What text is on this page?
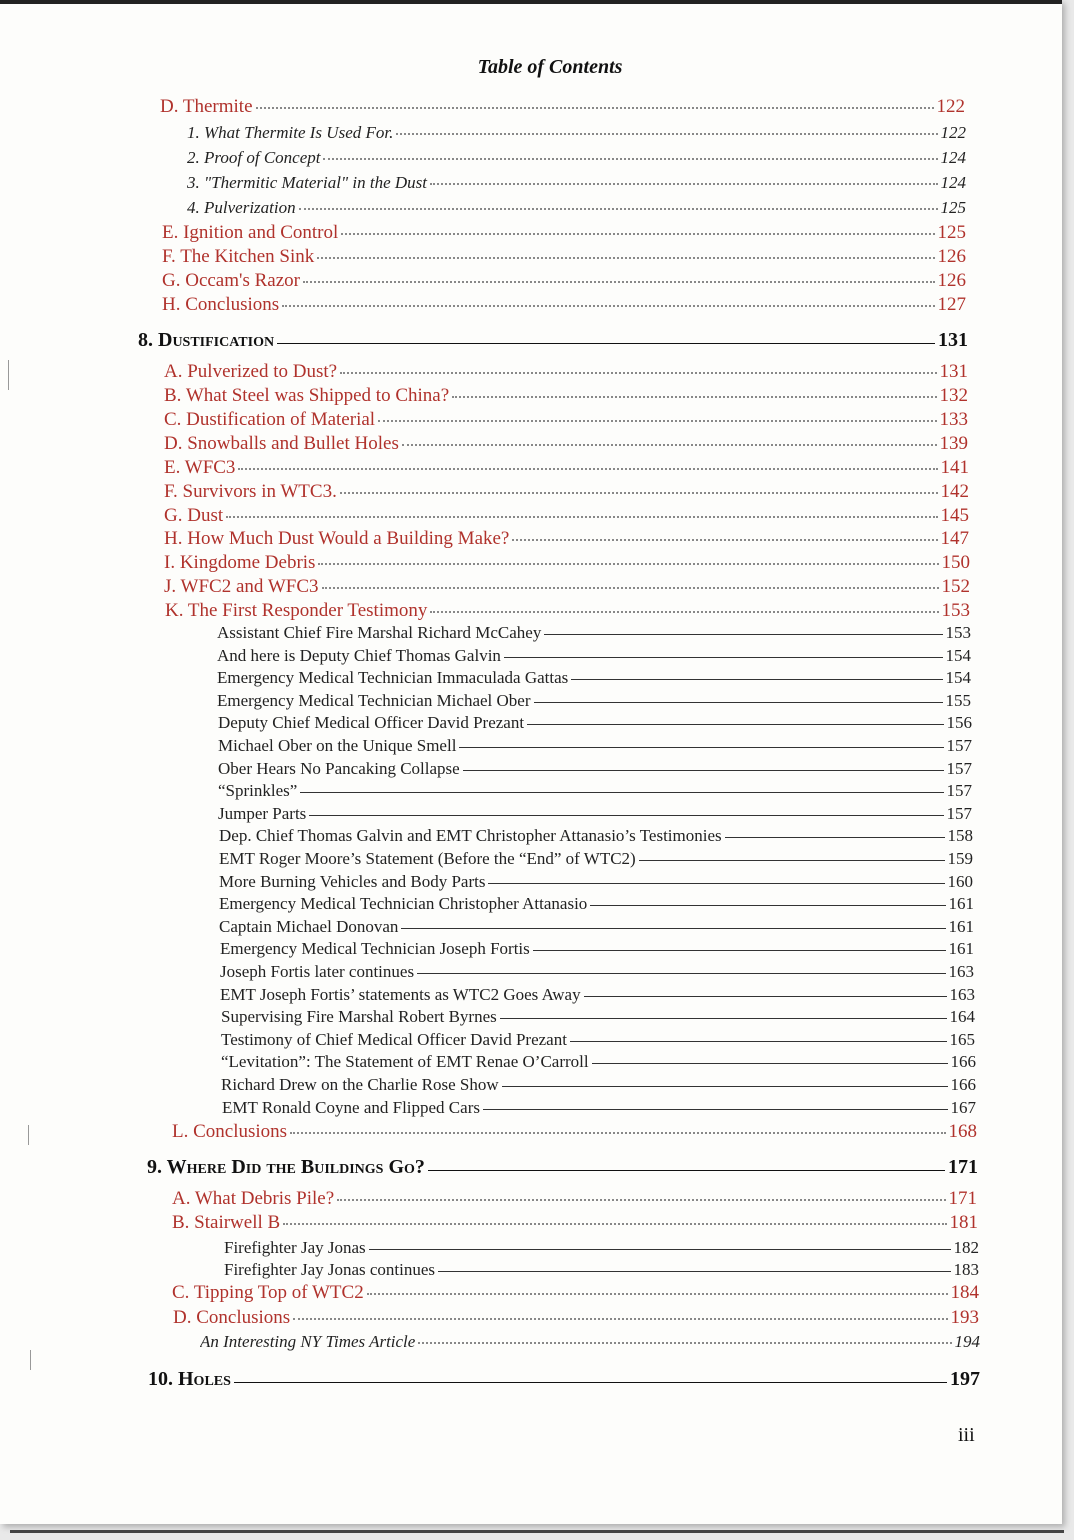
Table of Contents
D. Thermite	122
1. What Thermite Is Used For.	122
2. Proof of Concept	124
3. "Thermitic Material" in the Dust	124
4. Pulverization	125
E. Ignition and Control	125
F. The Kitchen Sink	126
G. Occam's Razor	126
H. Conclusions	127
8. Dustification	131
A. Pulverized to Dust?	131
B. What Steel was Shipped to China?	132
C. Dustification of Material	133
D. Snowballs and Bullet Holes	139
E. WFC3	141
F. Survivors in WTC3.	142
G. Dust	145
H. How Much Dust Would a Building Make?	147
I. Kingdome Debris	150
J. WFC2 and WFC3	152
K. The First Responder Testimony	153
Assistant Chief Fire Marshal Richard McCahey	153
And here is Deputy Chief Thomas Galvin	154
Emergency Medical Technician Immaculada Gattas	154
Emergency Medical Technician Michael Ober	155
Deputy Chief Medical Officer David Prezant	156
Michael Ober on the Unique Smell	157
Ober Hears No Pancaking Collapse	157
“Sprinkles”	157
Jumper Parts	157
Dep. Chief Thomas Galvin and EMT Christopher Attanasio’s Testimonies	158
EMT Roger Moore’s Statement (Before the “End” of WTC2)	159
More Burning Vehicles and Body Parts	160
Emergency Medical Technician Christopher Attanasio	161
Captain Michael Donovan	161
Emergency Medical Technician Joseph Fortis	161
Joseph Fortis later continues	163
EMT Joseph Fortis’ statements as WTC2 Goes Away	163
Supervising Fire Marshal Robert Byrnes	164
Testimony of Chief Medical Officer David Prezant	165
“Levitation”: The Statement of EMT Renae O’Carroll	166
Richard Drew on the Charlie Rose Show	166
EMT Ronald Coyne and Flipped Cars	167
L. Conclusions	168
9. Where Did the Buildings Go?	171
A. What Debris Pile?	171
B. Stairwell B	181
Firefighter Jay Jonas	182
Firefighter Jay Jonas continues	183
C. Tipping Top of WTC2	184
D. Conclusions	193
An Interesting NY Times Article	194
10. Holes	197
iii
